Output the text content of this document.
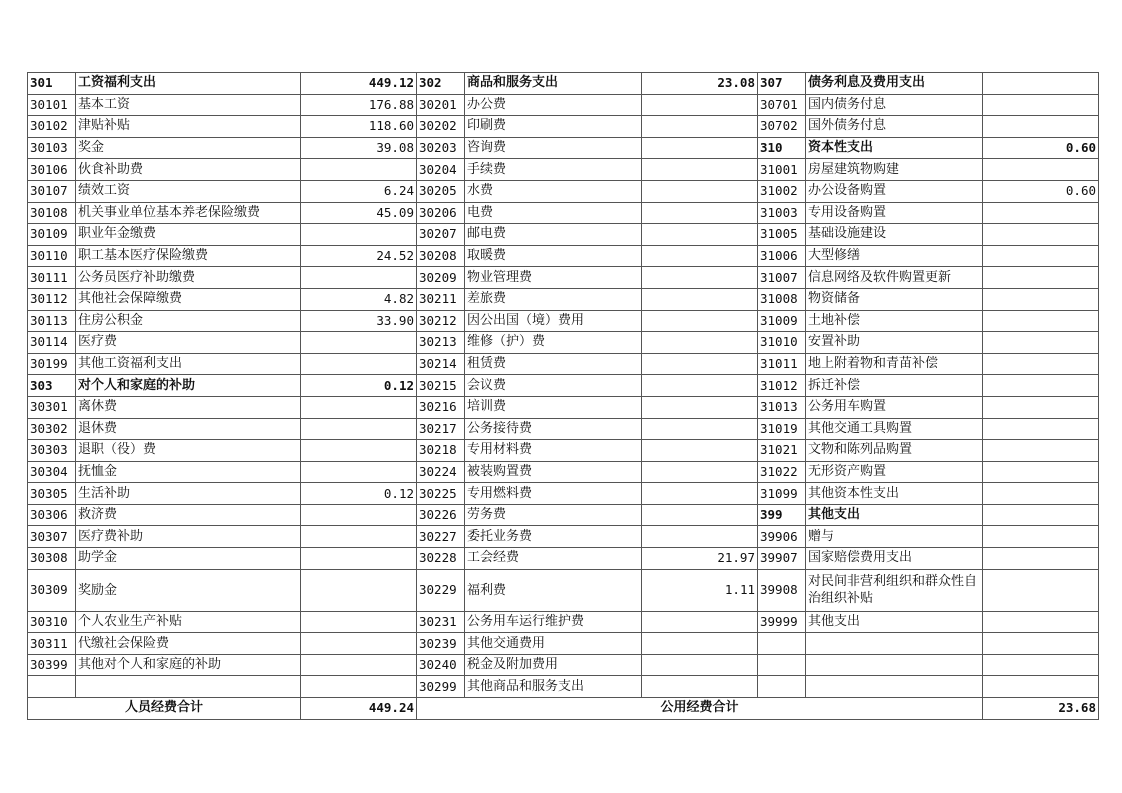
301	工资福利支出	449.12	302	商品和服务支出	23.08	307	债务利息及费用支出	
30101	基本工资	176.88	30201	办公费		30701	国内债务付息	
30102	津贴补贴	118.60	30202	印刷费		30702	国外债务付息	
30103	奖金	39.08	30203	咨询费		310	资本性支出	0.60
30106	伙食补助费		30204	手续费		31001	房屋建筑物购建	
30107	绩效工资	6.24	30205	水费		31002	办公设备购置	0.60
30108	机关事业单位基本养老保险缴费	45.09	30206	电费		31003	专用设备购置	
30109	职业年金缴费		30207	邮电费		31005	基础设施建设	
30110	职工基本医疗保险缴费	24.52	30208	取暖费		31006	大型修缮	
30111	公务员医疗补助缴费		30209	物业管理费		31007	信息网络及软件购置更新	
30112	其他社会保障缴费	4.82	30211	差旅费		31008	物资储备	
30113	住房公积金	33.90	30212	因公出国（境）费用		31009	土地补偿	
30114	医疗费		30213	维修（护）费		31010	安置补助	
30199	其他工资福利支出		30214	租赁费		31011	地上附着物和青苗补偿	
303	对个人和家庭的补助	0.12	30215	会议费		31012	拆迁补偿	
30301	离休费		30216	培训费		31013	公务用车购置	
30302	退休费		30217	公务接待费		31019	其他交通工具购置	
30303	退职（役）费		30218	专用材料费		31021	文物和陈列品购置	
30304	抚恤金		30224	被装购置费		31022	无形资产购置	
30305	生活补助	0.12	30225	专用燃料费		31099	其他资本性支出	
30306	救济费		30226	劳务费		399	其他支出	
30307	医疗费补助		30227	委托业务费		39906	赠与	
30308	助学金		30228	工会经费	21.97	39907	国家赔偿费用支出	
30309	奖励金		30229	福利费	1.11	39908	对民间非营利组织和群众性自治组织补贴	
30310	个人农业生产补贴		30231	公务用车运行维护费		39999	其他支出	
30311	代缴社会保险费		30239	其他交通费用				
30399	其他对个人和家庭的补助		30240	税金及附加费用				
			30299	其他商品和服务支出				
人员经费合计		449.24	公用经费合计					23.68
